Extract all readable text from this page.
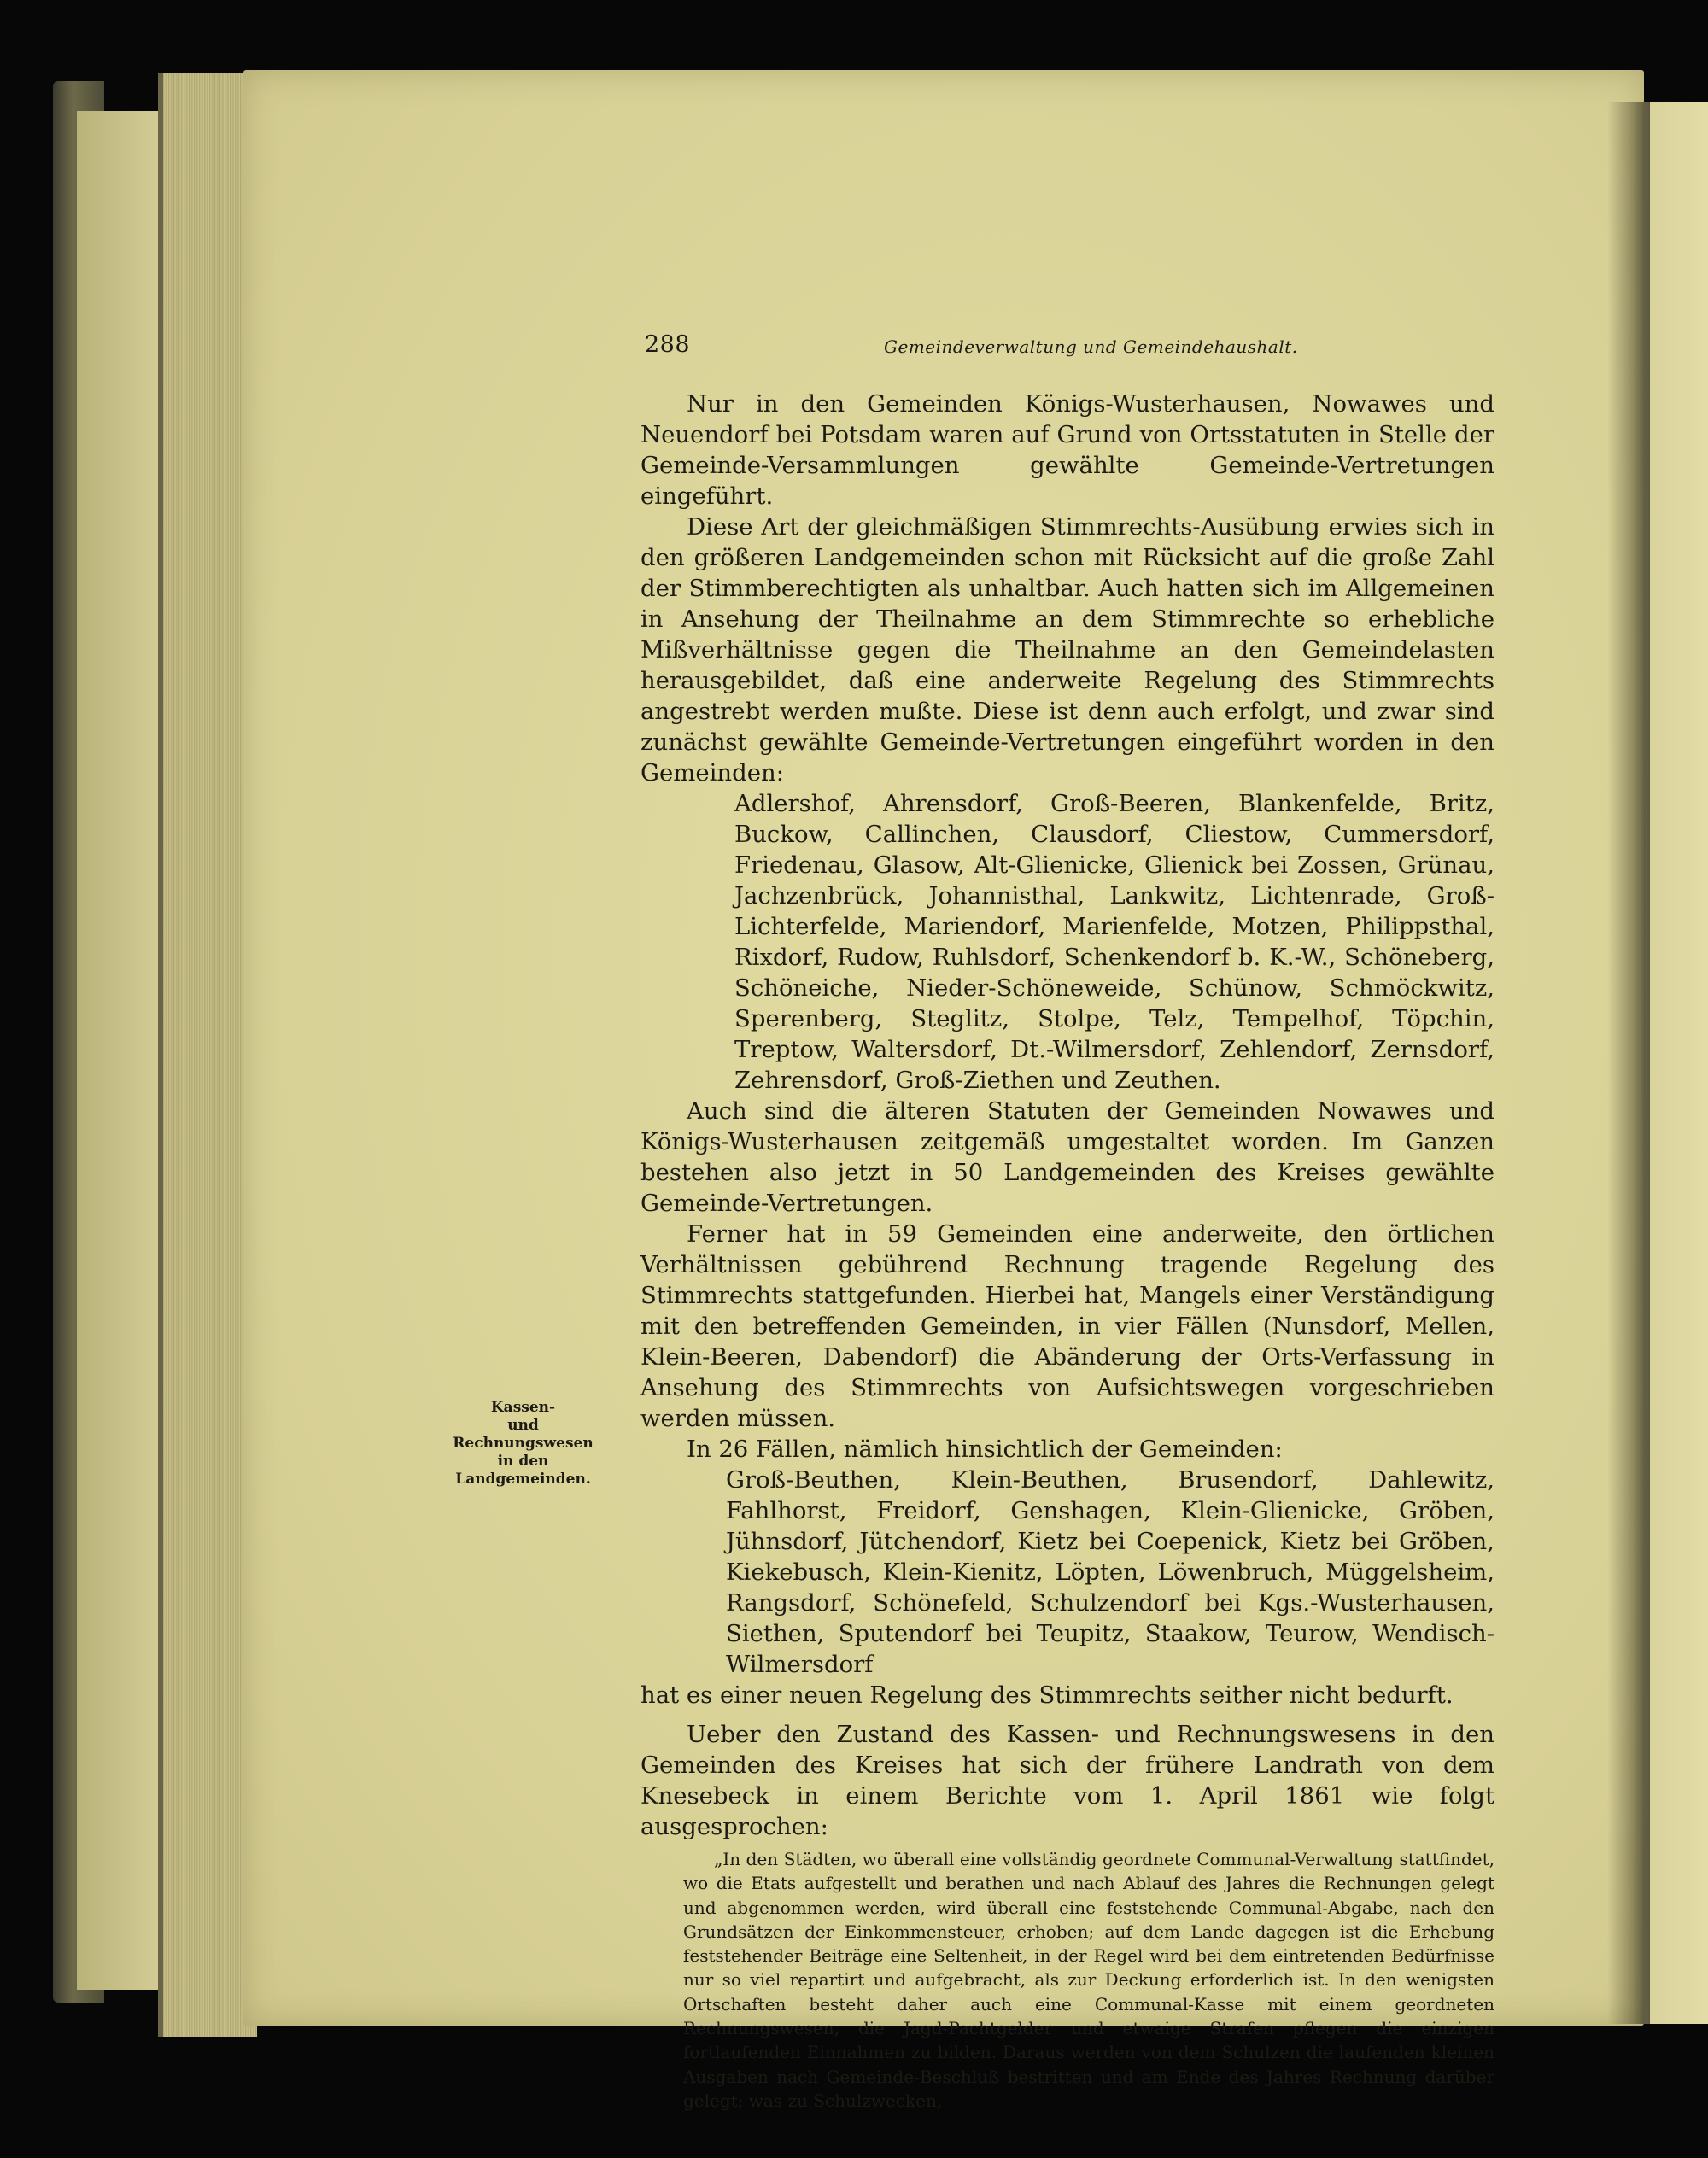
288	Gemeindeverwaltung und Gemeindehaushalt.

Nur in den Gemeinden Königs-Wusterhausen, Nowawes und Neuendorf bei Potsdam waren auf Grund von Ortsstatuten in Stelle der Gemeinde-Versammlungen gewählte Gemeinde-Vertretungen eingeführt.

Diese Art der gleichmäßigen Stimmrechts-Ausübung erwies sich in den größeren Landgemeinden schon mit Rücksicht auf die große Zahl der Stimmberechtigten als unhaltbar. Auch hatten sich im Allgemeinen in Ansehung der Theilnahme an dem Stimmrechte so erhebliche Mißverhältnisse gegen die Theilnahme an den Gemeindelasten herausgebildet, daß eine anderweite Regelung des Stimmrechts angestrebt werden mußte. Diese ist denn auch erfolgt, und zwar sind zunächst gewählte Gemeinde-Vertretungen eingeführt worden in den Gemeinden:

Adlershof, Ahrensdorf, Groß-Beeren, Blankenfelde, Britz, Buckow, Callinchen, Clausdorf, Cliestow, Cummersdorf, Friedenau, Glasow, Alt-Glienicke, Glienick bei Zossen, Grünau, Jachzenbrück, Johannisthal, Lankwitz, Lichtenrade, Groß-Lichterfelde, Mariendorf, Marienfelde, Motzen, Philippsthal, Rixdorf, Rudow, Ruhlsdorf, Schenkendorf b. K.-W., Schöneberg, Schöneiche, Nieder-Schöneweide, Schünow, Schmöckwitz, Sperenberg, Steglitz, Stolpe, Telz, Tempelhof, Töpchin, Treptow, Waltersdorf, Dt.-Wilmersdorf, Zehlendorf, Zernsdorf, Zehrensdorf, Groß-Ziethen und Zeuthen.

Auch sind die älteren Statuten der Gemeinden Nowawes und Königs-Wusterhausen zeitgemäß umgestaltet worden. Im Ganzen bestehen also jetzt in 50 Landgemeinden des Kreises gewählte Gemeinde-Vertretungen.

Ferner hat in 59 Gemeinden eine anderweite, den örtlichen Verhältnissen gebührend Rechnung tragende Regelung des Stimmrechts stattgefunden. Hierbei hat, Mangels einer Verständigung mit den betreffenden Gemeinden, in vier Fällen (Nunsdorf, Mellen, Klein-Beeren, Dabendorf) die Abänderung der Orts-Verfassung in Ansehung des Stimmrechts von Aufsichtswegen vorgeschrieben werden müssen.

In 26 Fällen, nämlich hinsichtlich der Gemeinden:

Groß-Beuthen, Klein-Beuthen, Brusendorf, Dahlewitz, Fahlhorst, Freidorf, Genshagen, Klein-Glienicke, Gröben, Jühnsdorf, Jütchendorf, Kietz bei Coepenick, Kietz bei Gröben, Kiekebusch, Klein-Kienitz, Löpten, Löwenbruch, Müggelsheim, Rangsdorf, Schönefeld, Schulzendorf bei Kgs.-Wusterhausen, Siethen, Sputendorf bei Teupitz, Staakow, Teurow, Wendisch-Wilmersdorf

hat es einer neuen Regelung des Stimmrechts seither nicht bedurft.

Ueber den Zustand des Kassen- und Rechnungswesens in den Gemeinden des Kreises hat sich der frühere Landrath von dem Knesebeck in einem Berichte vom 1. April 1861 wie folgt ausgesprochen:

„In den Städten, wo überall eine vollständig geordnete Communal-Verwaltung stattfindet, wo die Etats aufgestellt und berathen und nach Ablauf des Jahres die Rechnungen gelegt und abgenommen werden, wird überall eine feststehende Communal-Abgabe, nach den Grundsätzen der Einkommensteuer, erhoben; auf dem Lande dagegen ist die Erhebung feststehender Beiträge eine Seltenheit, in der Regel wird bei dem eintretenden Bedürfnisse nur so viel repartirt und aufgebracht, als zur Deckung erforderlich ist. In den wenigsten Ortschaften besteht daher auch eine Communal-Kasse mit einem geordneten Rechnungswesen, die Jagd-Pachtgelder und etwaige Strafen pflegen die einzigen fortlaufenden Einnahmen zu bilden. Daraus werden von dem Schulzen die laufenden kleinen Ausgaben nach Gemeinde-Beschluß bestritten und am Ende des Jahres Rechnung darüber gelegt; was zu Schulzwecken,

Kassen-
und Rechnungswesen
in den
Landgemeinden.
